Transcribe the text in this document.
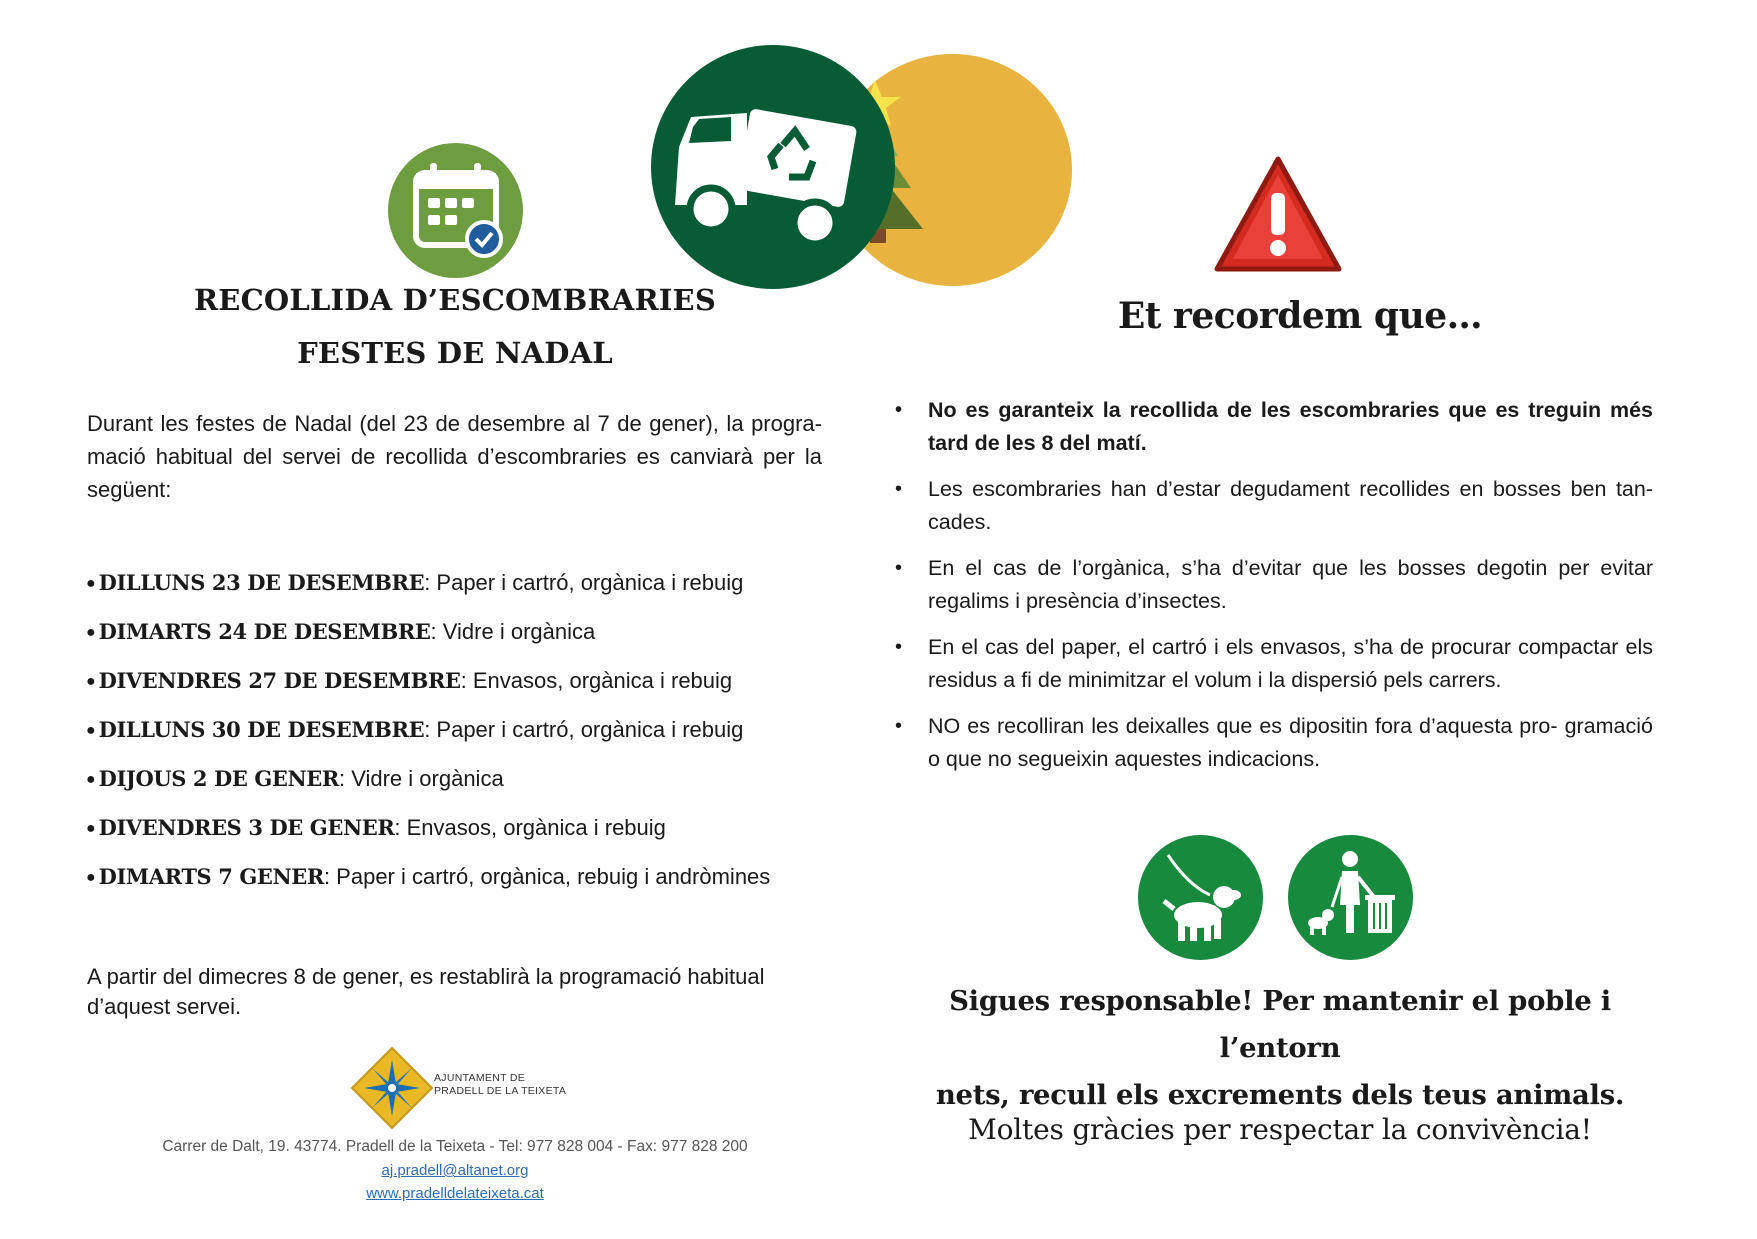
RECOLLIDA D’ESCOMBRARIES
FESTES DE NADAL
Durant les festes de Nadal (del 23 de desembre al 7 de gener), la progra- mació habitual del servei de recollida d’escombraries es canviarà per la següent:
● DILLUNS 23 DE DESEMBRE: Paper i cartró, orgànica i rebuig
● DIMARTS 24 DE DESEMBRE: Vidre i orgànica
● DIVENDRES 27 DE DESEMBRE: Envasos, orgànica i rebuig
● DILLUNS 30 DE DESEMBRE: Paper i cartró, orgànica i rebuig
● DIJOUS 2 DE GENER: Vidre i orgànica
● DIVENDRES 3 DE GENER: Envasos, orgànica i rebuig
● DIMARTS 7 GENER: Paper i cartró, orgànica, rebuig i andròmines
A partir del dimecres 8 de gener, es restablirà la programació habitual d’aquest servei.
AJUNTAMENT DE
PRADELL DE LA TEIXETA
Carrer de Dalt, 19. 43774. Pradell de la Teixeta - Tel: 977 828 004 - Fax: 977 828 200
aj.pradell@altanet.org
www.pradelldelateixeta.cat
Et recordem que…
• No es garanteix la recollida de les escombraries que es treguin més tard de les 8 del matí.
• Les escombraries han d’estar degudament recollides en bosses ben tan- cades.
• En el cas de l’orgànica, s’ha d’evitar que les bosses degotin per evitar regalims i presència d’insectes.
• En el cas del paper, el cartró i els envasos, s’ha de procurar compactar els residus a fi de minimitzar el volum i la dispersió pels carrers.
• NO es recolliran les deixalles que es dipositin fora d’aquesta pro- gramació o que no segueixin aquestes indicacions.
Sigues responsable! Per mantenir el poble i l’entorn
nets, recull els excrements dels teus animals.
Moltes gràcies per respectar la convivència!
